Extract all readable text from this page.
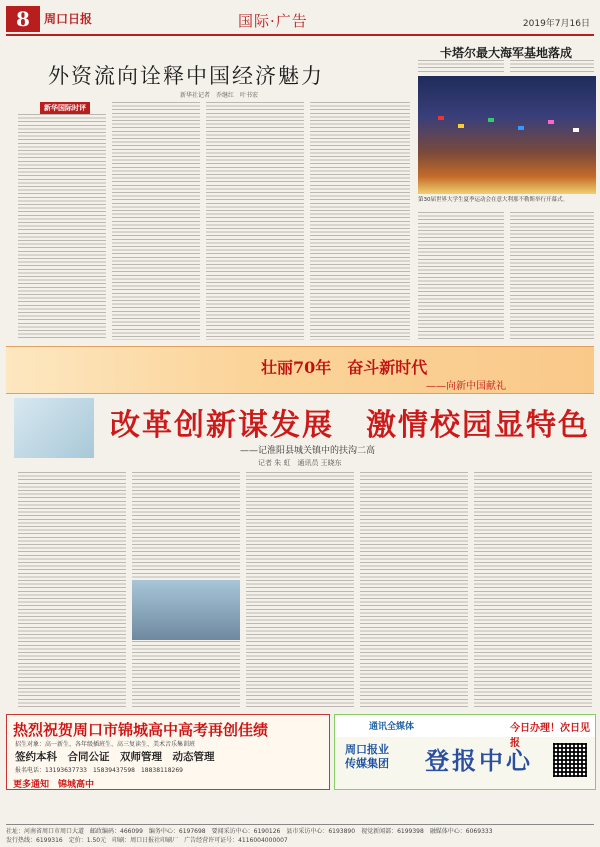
8	周口日报	国际·广告	2019年7月16日
外资流向诠释中国经济魅力
新华社记者　乔继红　叶书宏
新华国际时评
卡塔尔最大海军基地落成
第30届世界大学生夏季运动会在意大利那不勒斯举行开幕式。
壮丽70年　奋斗新时代
——向新中国献礼
改革创新谋发展　激情校园显特色
——记淮阳县城关镇中的扶沟二高
记者 朱 虹　通讯员 王晓东
热烈祝贺周口市锦城高中高考再创佳绩
招生对象：高一新生、各年级插班生、高三复读生、美术音乐集训班
签约本科　合同公证　双师管理　动态管理
报名电话：13193637733　15839437598　18838118269
更多通知　锦城高中
通讯全媒体	今日办理！次日见报
周口报业
传媒集团 登报中心
社址：河南省周口市周口大道　邮政编码：466099　编务中心：6197698　要闻采访中心：6190126　县市采访中心：6193890　视觉新闻部：6199398　融媒体中心：6069333
发行热线：6199316　定价：1.50元　印刷：周口日报社印刷厂　广告经营许可证号：4116004000007
